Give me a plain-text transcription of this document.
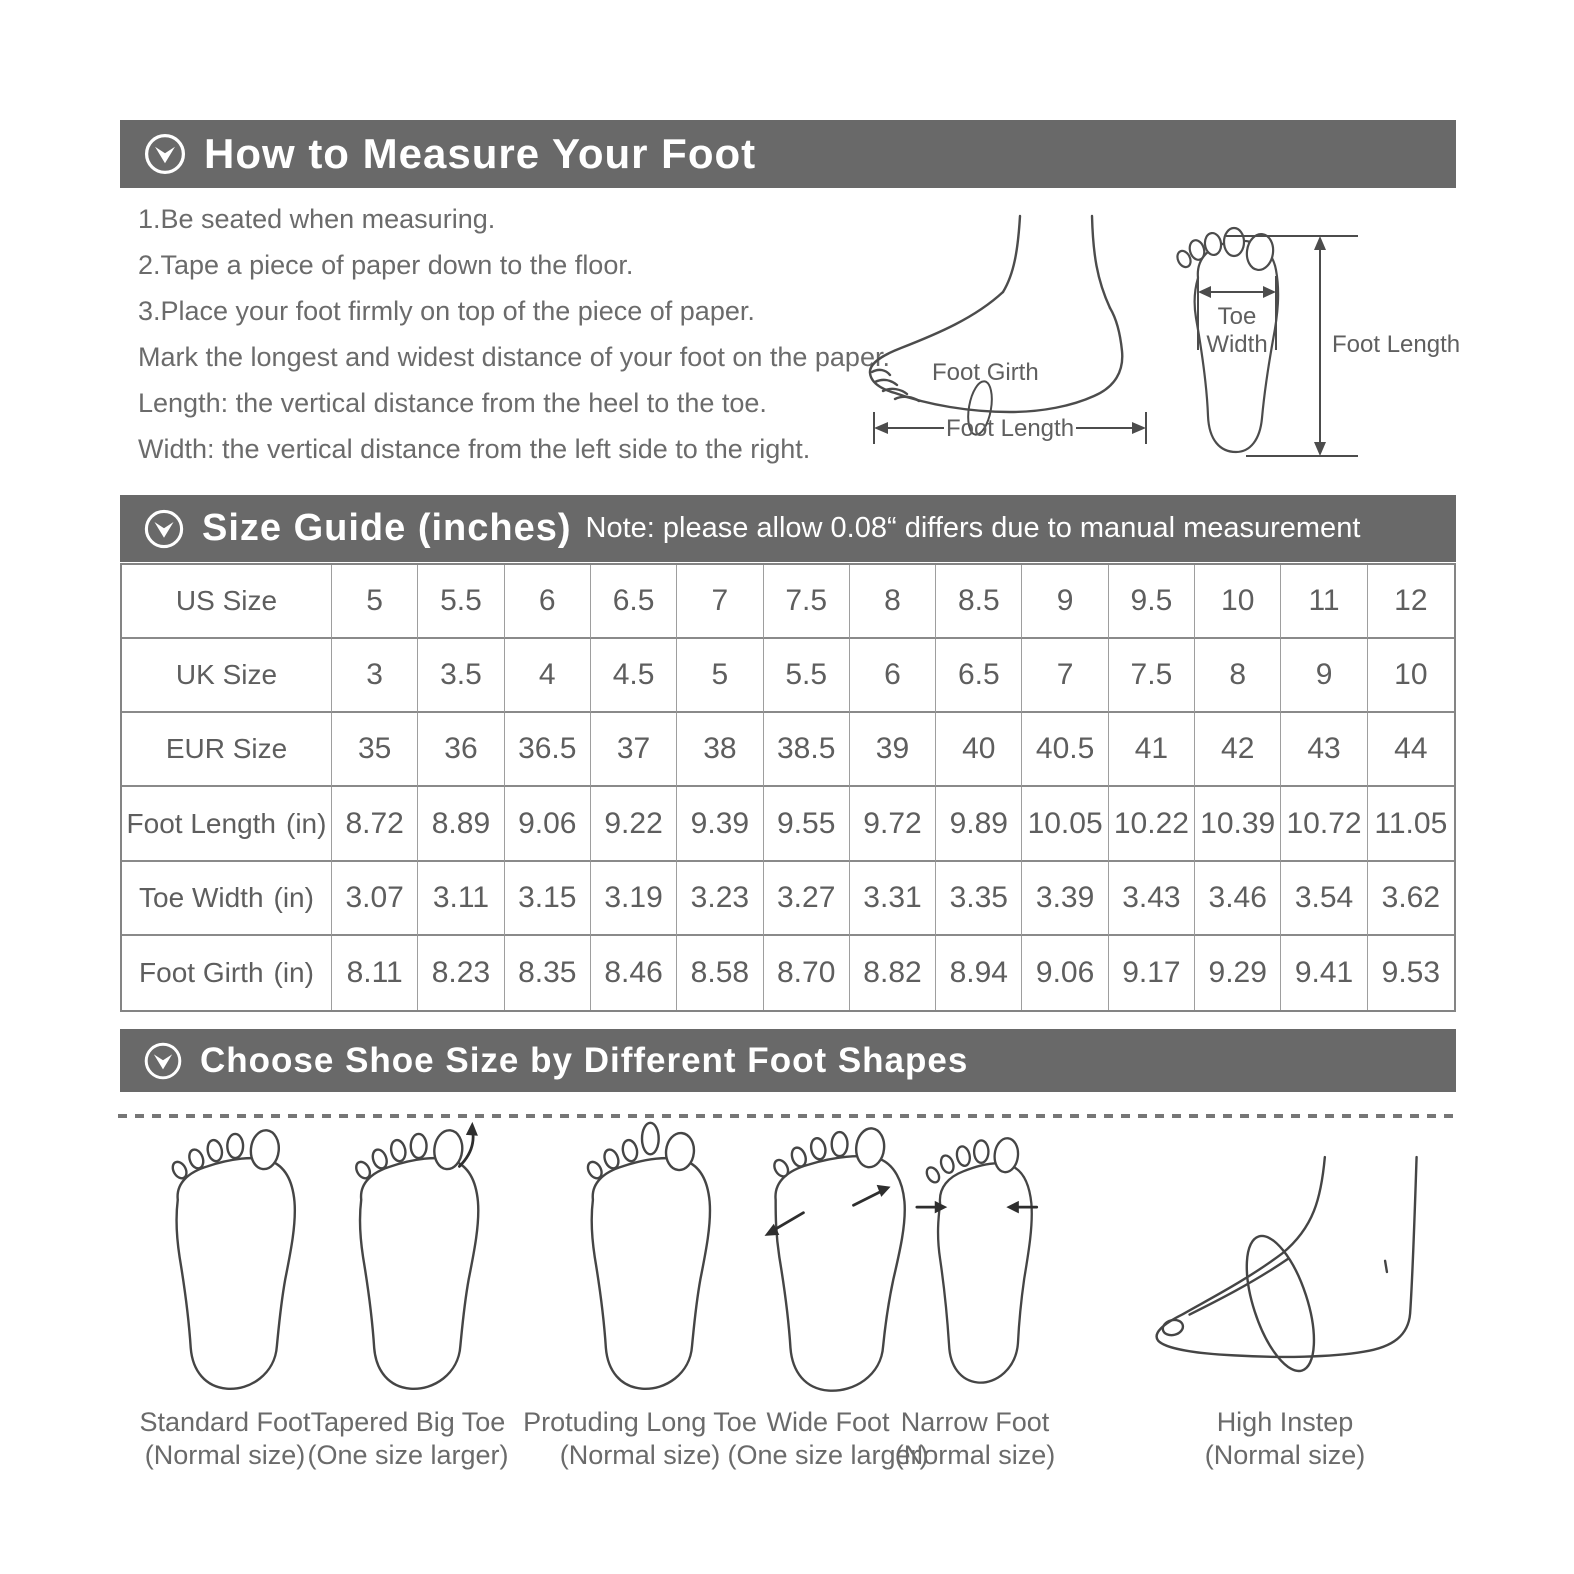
How to Measure Your Foot
1.Be seated when measuring.
2.Tape a piece of paper down to the floor.
3.Place your foot firmly on top of the piece of paper.
Mark the longest and widest distance of your foot on the paper.
Length: the vertical distance from the heel to the toe.
Width: the vertical distance from the left side to the right.
Foot Girth
Foot Length
Toe
Width	Foot Length
Size Guide (inches) Note: please allow 0.08“ differs due to manual measurement
US Size	5	5.5	6	6.5	7	7.5	8	8.5	9	9.5	10	11	12
UK Size	3	3.5	4	4.5	5	5.5	6	6.5	7	7.5	8	9	10
EUR Size	35	36	36.5	37	38	38.5	39	40	40.5	41	42	43	44
Foot Length (in) 8.72 8.89 9.06 9.22 9.39 9.55 9.72 9.89 10.05 10.22 10.39 10.72 11.05
Toe Width (in)	3.07 3.11 3.15 3.19 3.23 3.27 3.31 3.35 3.39 3.43 3.46 3.54 3.62
Foot Girth (in)	8.11 8.23 8.35 8.46 8.58 8.70 8.82 8.94 9.06 9.17 9.29 9.41 9.53
Choose Shoe Size by Different Foot Shapes
Standard Foot
(Normal size)
Tapered Big Toe
(One size larger)
Protuding Long Toe
(Normal size)
Wide Foot
(One size larger)
Narrow Foot
(Normal size)
High Instep
(Normal size)
